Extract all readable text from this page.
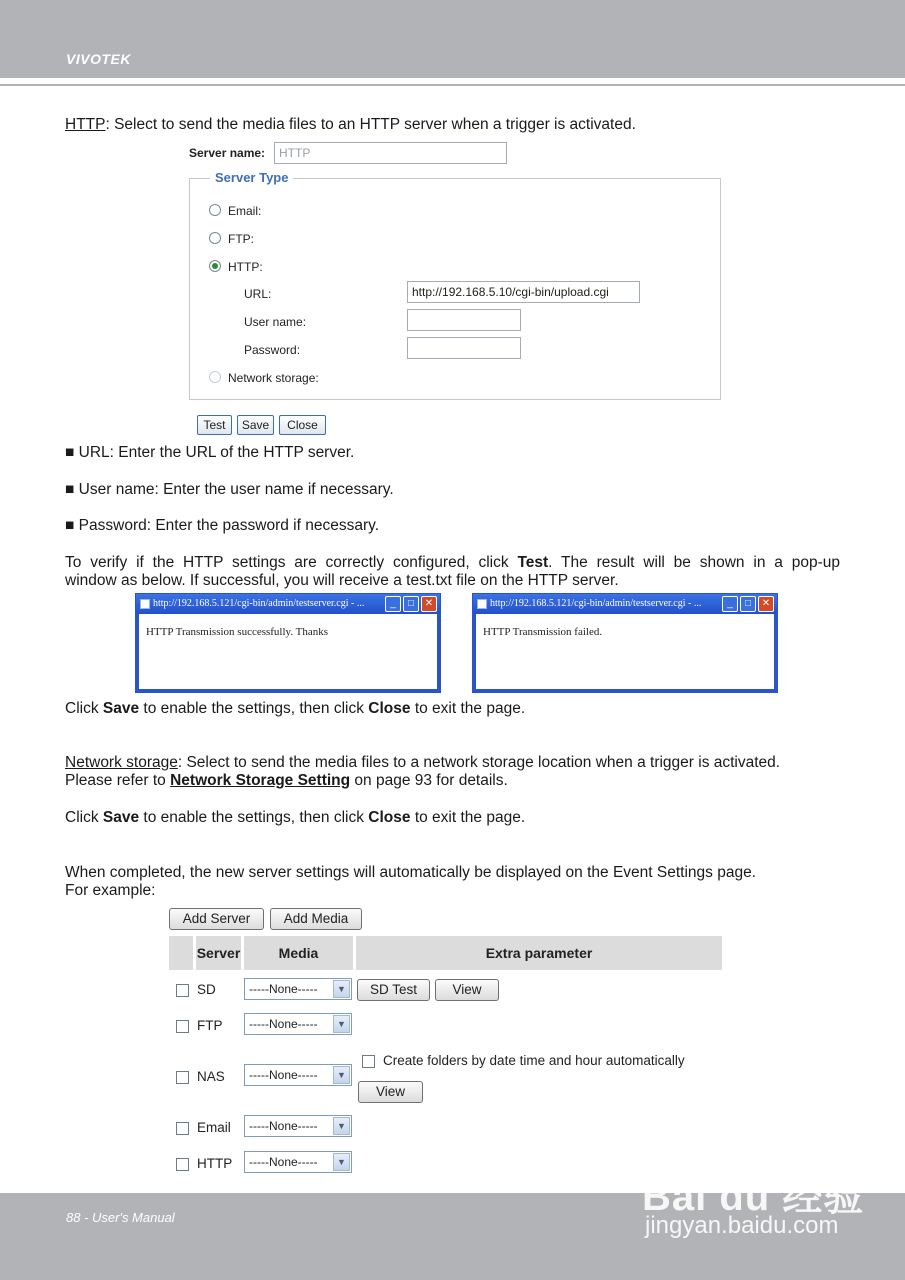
VIVOTEK
HTTP: Select to send the media files to an HTTP server when a trigger is activated.
Server name:	HTTP
Server Type
Email:
FTP:
HTTP:
URL:	http://192.168.5.10/cgi-bin/upload.cgi
User name:
Password:
Network storage:
Test	Save	Close
■ URL: Enter the URL of the HTTP server.
■ User name: Enter the user name if necessary.
■ Password: Enter the password if necessary.
To verify if the HTTP settings are correctly configured, click Test. The result will be shown in a pop-up
window as below. If successful, you will receive a test.txt file on the HTTP server.
http://192.168.5.121/cgi-bin/admin/testserver.cgi - ...	_	□	✕
HTTP Transmission successfully. Thanks
http://192.168.5.121/cgi-bin/admin/testserver.cgi - ...	_	□	✕
HTTP Transmission failed.
Click Save to enable the settings, then click Close to exit the page.
Network storage: Select to send the media files to a network storage location when a trigger is activated.
Please refer to Network Storage Setting on page 93 for details.
Click Save to enable the settings, then click Close to exit the page.
When completed, the new server settings will automatically be displayed on the Event Settings page.
For example:
Add Server	Add Media
Server	Media	Extra parameter
SD	-----None-----	▼	SD Test	View
FTP	-----None-----	▼
NAS	-----None-----	▼
Create folders by date time and hour automatically
View
Email	-----None-----	▼
HTTP	-----None-----	▼
88 - User's Manual	Bai du 经验
jingyan.baidu.com
